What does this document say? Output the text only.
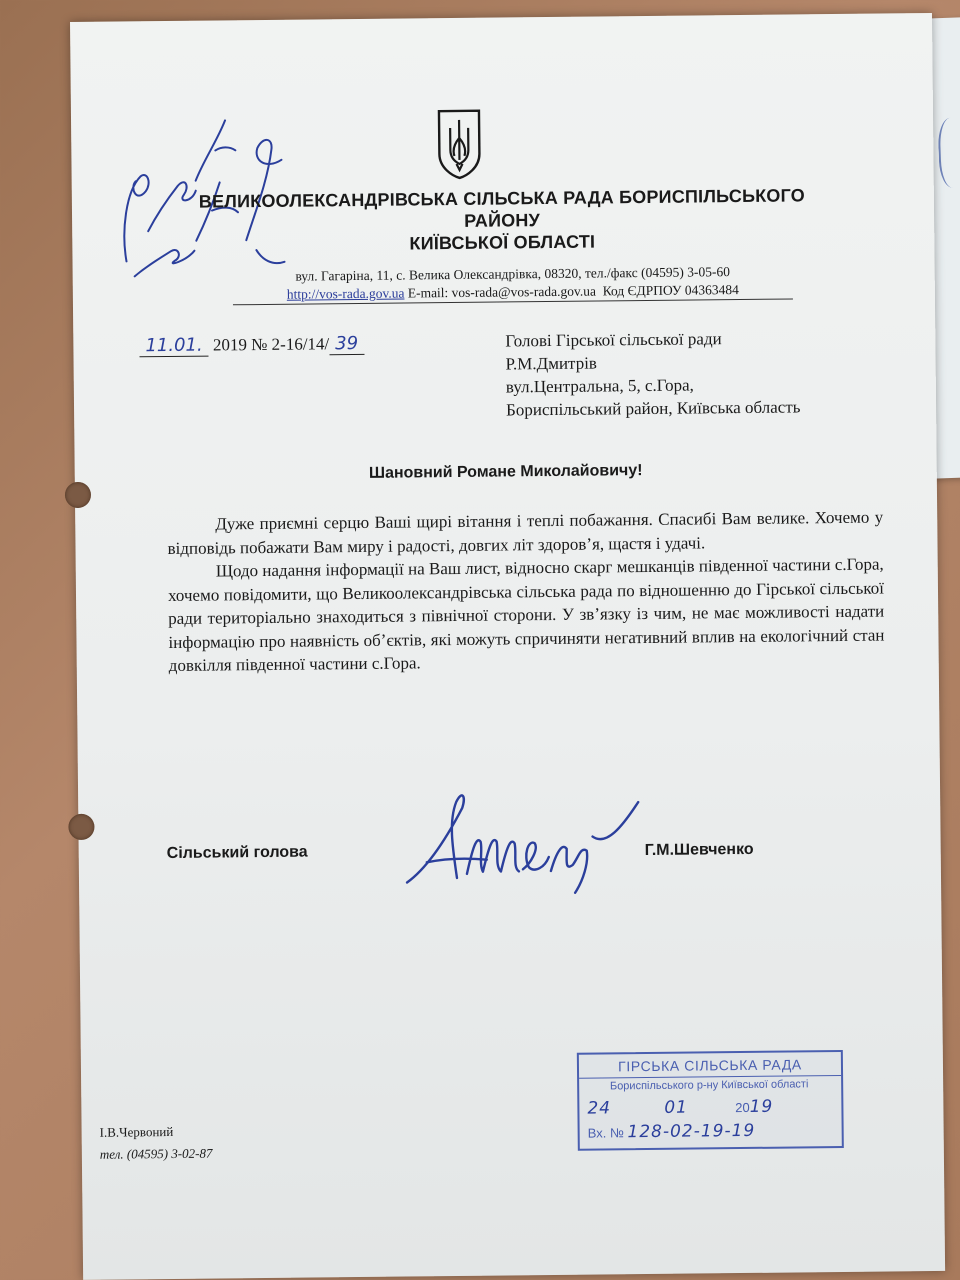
ВЕЛИКООЛЕКСАНДРІВСЬКА СІЛЬСЬКА РАДА БОРИСПІЛЬСЬКОГО
РАЙОНУ
КИЇВСЬКОЇ ОБЛАСТІ
вул. Гагаріна, 11, с. Велика Олександрівка, 08320, тел./факс (04595) 3-05-60
http://vos-rada.gov.ua E-mail: vos-rada@vos-rada.gov.ua Код ЄДРПОУ 04363484
11.01. 2019 № 2-16/14/ 39	Голові Гірської сільської ради
Р.М.Дмитрів
вул.Центральна, 5, с.Гора,
Бориспільський район, Київська область
Шановний Романе Миколайовичу!

Дуже приємні серцю Ваші щирі вітання і теплі побажання. Спасибі Вам велике. Хочемо у відповідь побажати Вам миру і радості, довгих літ здоров’я, щастя і удачі.

Щодо надання інформації на Ваш лист, відносно скарг мешканців південної частини с.Гора, хочемо повідомити, що Великоолександрівська сільська рада по відношенню до Гірської сільської ради територіально знаходиться з північної сторони. У зв’язку із чим, не має можливості надати інформацію про наявність об’єктів, які можуть спричиняти негативний вплив на екологічний стан довкілля південної частини с.Гора.

Сільський голова	Г.М.Шевченко
ГІРСЬКА СІЛЬСЬКА РАДА
Бориспільського р-ну Київської області
24	01	2019
Вх. № 128-02-19-19
І.В.Червоний
тел. (04595) 3-02-87
